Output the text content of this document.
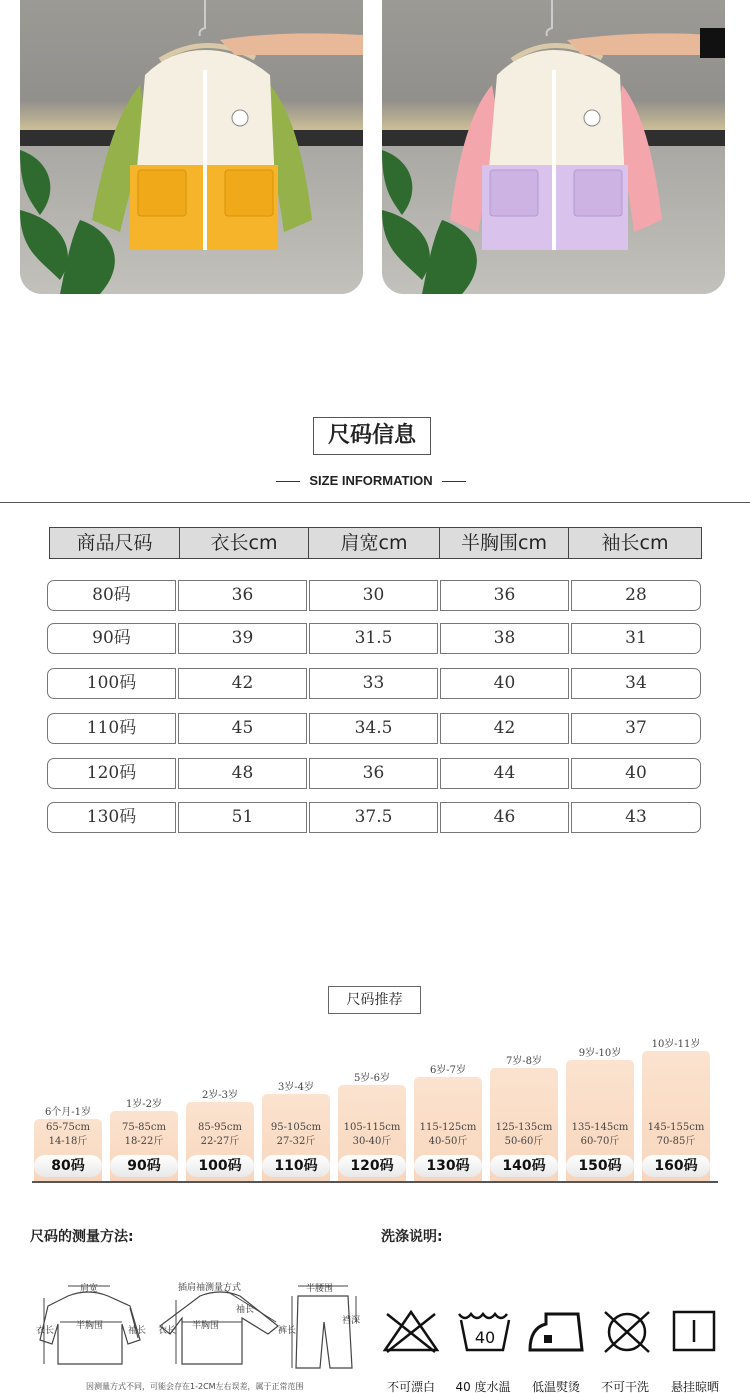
尺码信息
SIZE INFORMATION
商品尺码	衣长cm	肩宽cm	半胸围cm	袖长cm
80码	36	30	36	28
90码	39	31.5	38	31
100码	42	33	40	34
110码	45	34.5	42	37
120码	48	36	44	40
130码	51	37.5	46	43
尺码推荐
6个月-1岁
65-75cm
14-18斤
80码
1岁-2岁
75-85cm
18-22斤
90码
2岁-3岁
85-95cm
22-27斤
100码
3岁-4岁
95-105cm
27-32斤
110码
5岁-6岁
105-115cm
30-40斤
120码
6岁-7岁
115-125cm
40-50斤
130码
7岁-8岁
125-135cm
50-60斤
140码
9岁-10岁
135-145cm
60-70斤
150码
10岁-11岁
145-155cm
70-85斤
160码
尺码的测量方法:
肩宽
半胸围
衣长	袖长
插肩袖测量方式
衣长 半胸围
袖长
半腰围
裆深
裤长
因测量方式不同，可能会存在1-2CM左右误差，属于正常范围
洗涤说明:
40
不可漂白	40 度水温	低温熨烫	不可干洗	悬挂晾晒
